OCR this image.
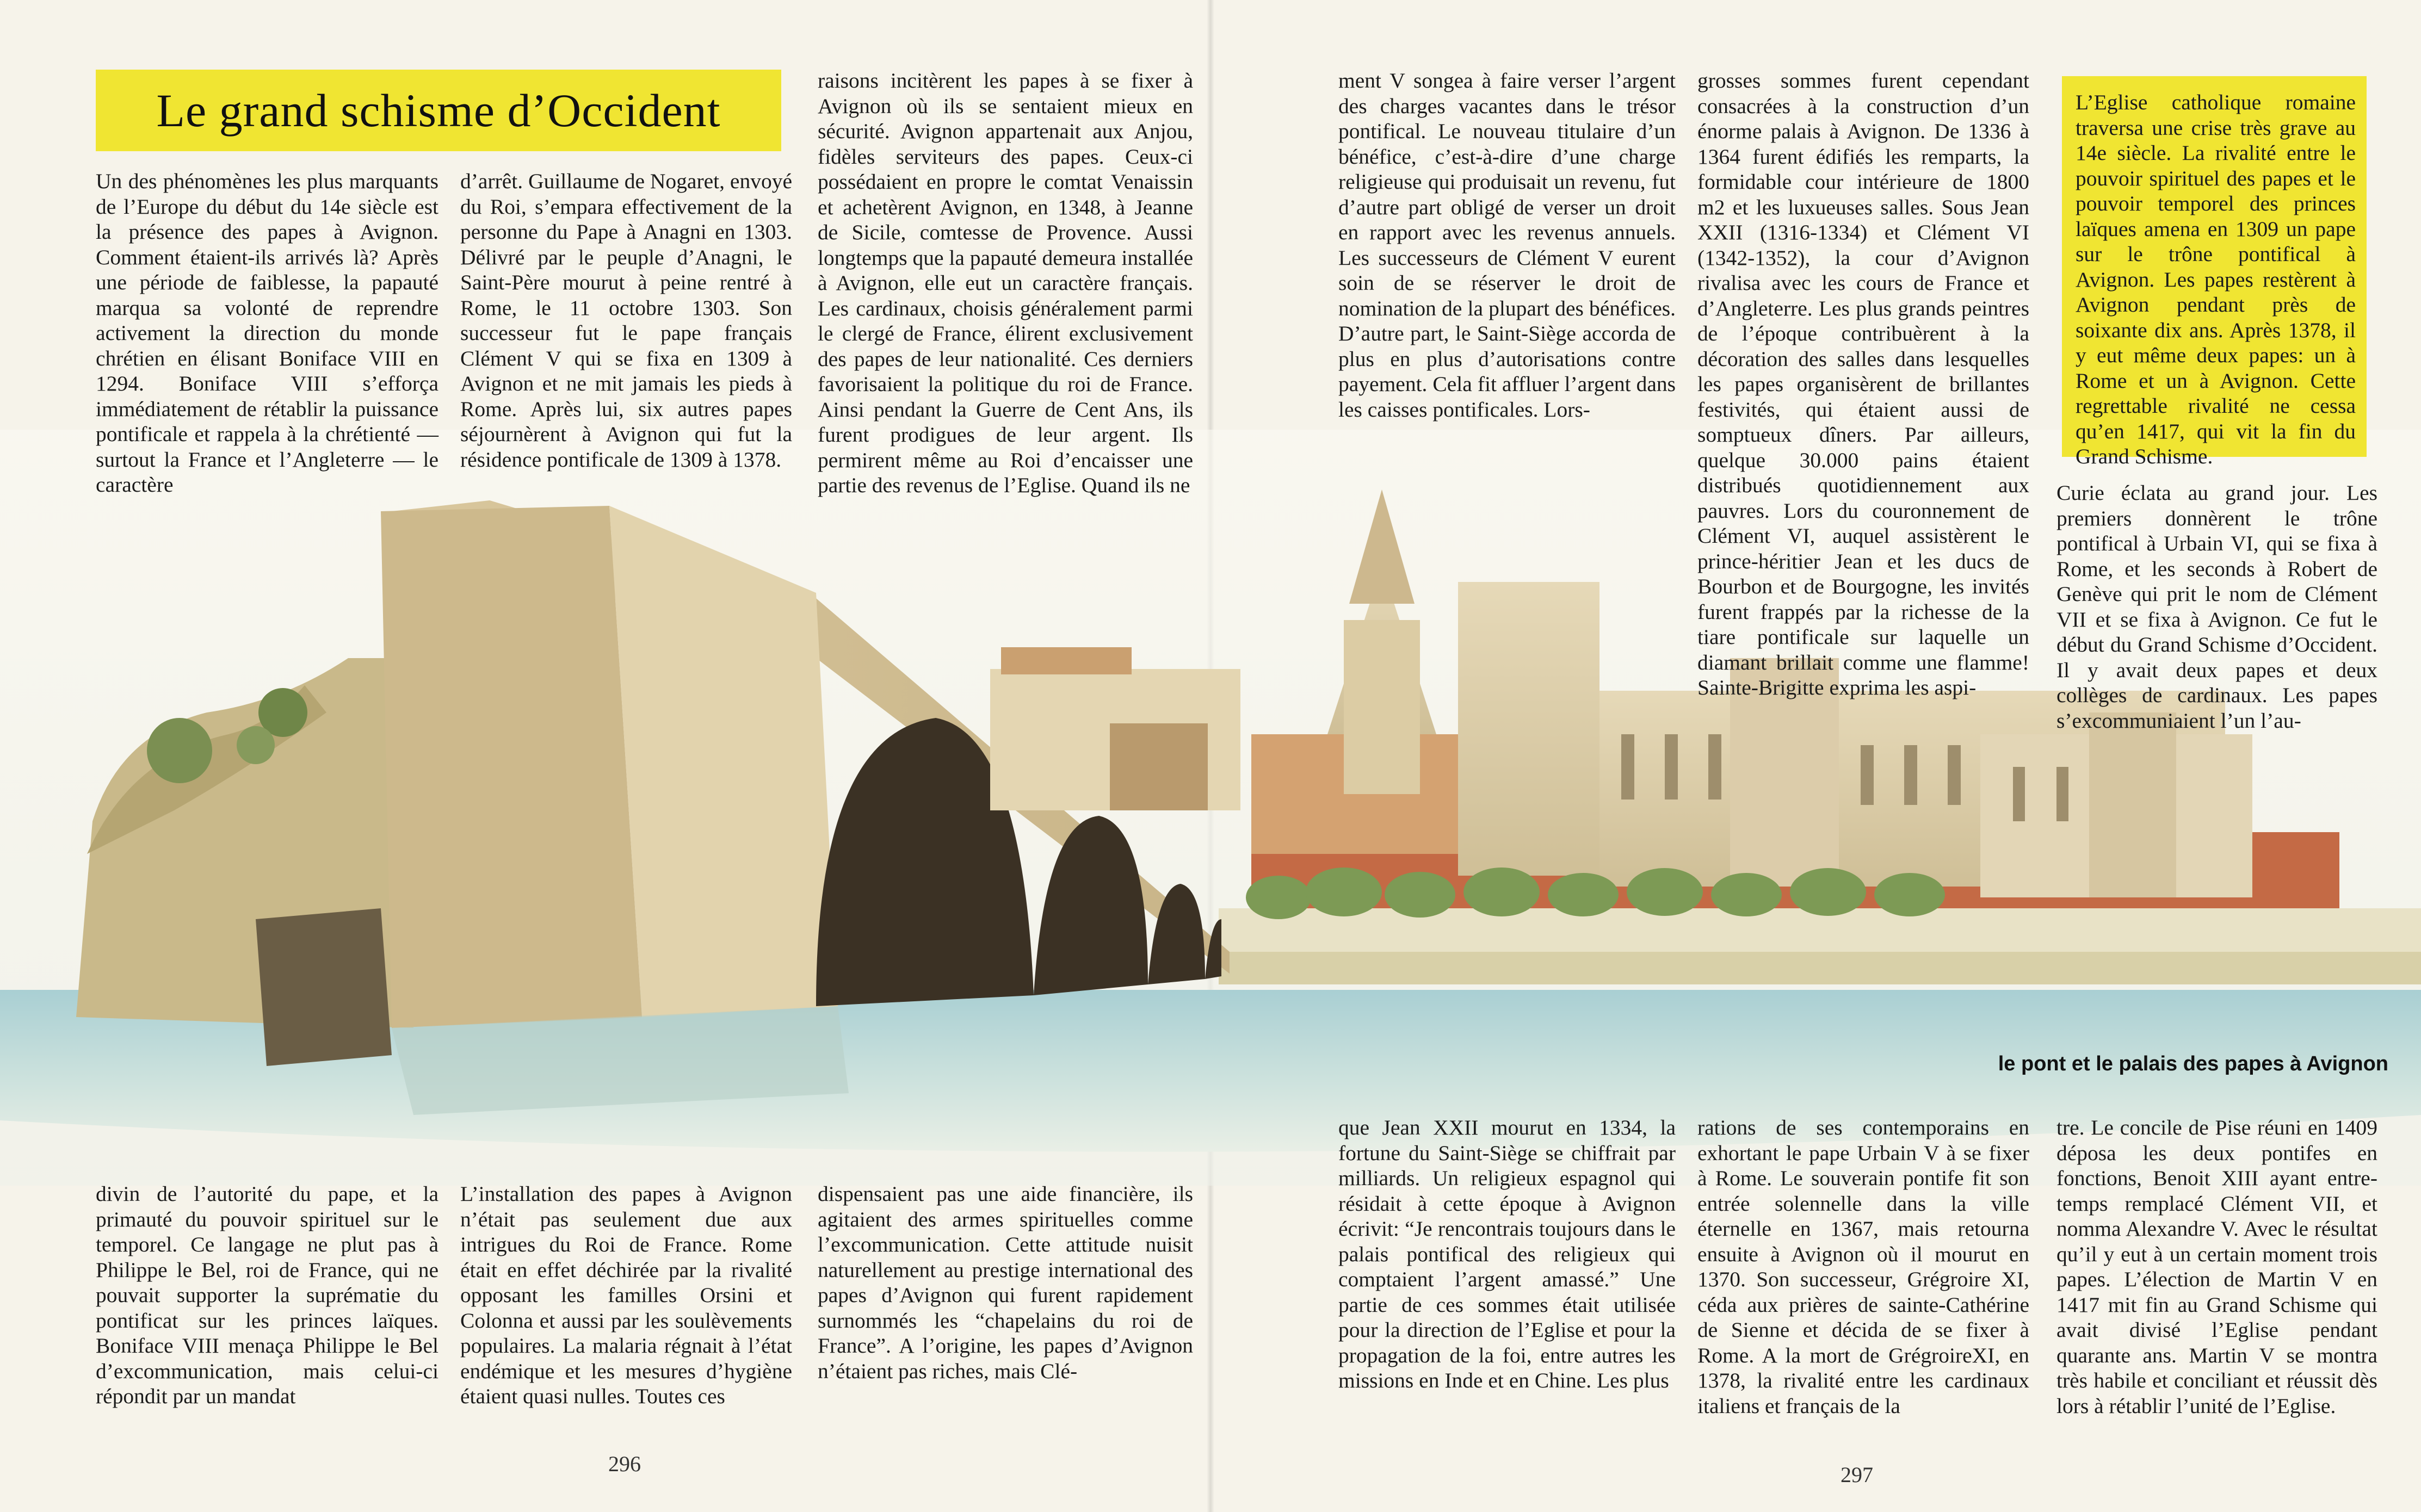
Le grand schisme d’Occident

Un des phénomènes les plus marquants de l’Europe du début du 14e siècle est la présence des papes à Avignon. Comment étaient-ils arrivés là? Après une période de faiblesse, la papauté marqua sa volonté de reprendre activement la direction du monde chrétien en élisant Boniface VIII en 1294. Boniface VIII s’efforça immédiatement de rétablir la puissance pontificale et rappela à la chrétienté — surtout la France et l’Angleterre — le caractère

d’arrêt. Guillaume de Nogaret, envoyé du Roi, s’empara effectivement de la personne du Pape à Anagni en 1303. Délivré par le peuple d’Anagni, le Saint-Père mourut à peine rentré à Rome, le 11 octobre 1303. Son successeur fut le pape français Clément V qui se fixa en 1309 à Avignon et ne mit jamais les pieds à Rome. Après lui, six autres papes séjournèrent à Avignon qui fut la résidence pontificale de 1309 à 1378.

raisons incitèrent les papes à se fixer à Avignon où ils se sentaient mieux en sécurité. Avignon appartenait aux Anjou, fidèles serviteurs des papes. Ceux-ci possédaient en propre le comtat Venaissin et achetèrent Avignon, en 1348, à Jeanne de Sicile, comtesse de Provence. Aussi longtemps que la papauté demeura installée à Avignon, elle eut un caractère français. Les cardinaux, choisis généralement parmi le clergé de France, élirent exclusivement des papes de leur nationalité. Ces derniers favorisaient la politique du roi de France. Ainsi pendant la Guerre de Cent Ans, ils furent prodigues de leur argent. Ils permirent même au Roi d’encaisser une partie des revenus de l’Eglise. Quand ils ne

divin de l’autorité du pape, et la primauté du pouvoir spirituel sur le temporel. Ce langage ne plut pas à Philippe le Bel, roi de France, qui ne pouvait supporter la suprématie du pontificat sur les princes laïques. Boniface VIII menaça Philippe le Bel d’excommunication, mais celui-ci répondit par un mandat

L’installation des papes à Avignon n’était pas seulement due aux intrigues du Roi de France. Rome était en effet déchirée par la rivalité opposant les familles Orsini et Colonna et aussi par les soulèvements populaires. La malaria régnait à l’état endémique et les mesures d’hygiène étaient quasi nulles. Toutes ces

dispensaient pas une aide financière, ils agitaient des armes spirituelles comme l’excommunication. Cette attitude nuisit naturellement au prestige international des papes d’Avignon qui furent rapidement surnommés les “chapelains du roi de France”. A l’origine, les papes d’Avignon n’étaient pas riches, mais Clé-

ment V songea à faire verser l’argent des charges vacantes dans le trésor pontifical. Le nouveau titulaire d’un bénéfice, c’est-à-dire d’une charge religieuse qui produisait un revenu, fut d’autre part obligé de verser un droit en rapport avec les revenus annuels. Les successeurs de Clément V eurent soin de se réserver le droit de nomination de la plupart des bénéfices. D’autre part, le Saint-Siège accorda de plus en plus d’autorisations contre payement. Cela fit affluer l’argent dans les caisses pontificales. Lors-

grosses sommes furent cependant consacrées à la construction d’un énorme palais à Avignon. De 1336 à 1364 furent édifiés les remparts, la formidable cour intérieure de 1800 m2 et les luxueuses salles. Sous Jean XXII (1316-1334) et Clément VI (1342-1352), la cour d’Avignon rivalisa avec les cours de France et d’Angleterre. Les plus grands peintres de l’époque contribuèrent à la décoration des salles dans lesquelles les papes organisèrent de brillantes festivités, qui étaient aussi de somptueux dîners. Par ailleurs, quelque 30.000 pains étaient distribués quotidiennement aux pauvres. Lors du couronnement de Clément VI, auquel assistèrent le prince-héritier Jean et les ducs de Bourbon et de Bourgogne, les invités furent frappés par la richesse de la tiare pontificale sur laquelle un diamant brillait comme une flamme! Sainte-Brigitte exprima les aspi-

L’Eglise catholique romaine traversa une crise très grave au 14e siècle. La rivalité entre le pouvoir spirituel des papes et le pouvoir temporel des princes laïques amena en 1309 un pape sur le trône pontifical à Avignon. Les papes restèrent à Avignon pendant près de soixante dix ans. Après 1378, il y eut même deux papes: un à Rome et un à Avignon. Cette regrettable rivalité ne cessa qu’en 1417, qui vit la fin du Grand Schisme.

Curie éclata au grand jour. Les premiers donnèrent le trône pontifical à Urbain VI, qui se fixa à Rome, et les seconds à Robert de Genève qui prit le nom de Clément VII et se fixa à Avignon. Ce fut le début du Grand Schisme d’Occident. Il y avait deux papes et deux collèges de cardinaux. Les papes s’excommuniaient l’un l’au-

que Jean XXII mourut en 1334, la fortune du Saint-Siège se chiffrait par milliards. Un religieux espagnol qui résidait à cette époque à Avignon écrivit: “Je rencontrais toujours dans le palais pontifical des religieux qui comptaient l’argent amassé.” Une partie de ces sommes était utilisée pour la direction de l’Eglise et pour la propagation de la foi, entre autres les missions en Inde et en Chine. Les plus

rations de ses contemporains en exhortant le pape Urbain V à se fixer à Rome. Le souverain pontife fit son entrée solennelle dans la ville éternelle en 1367, mais retourna ensuite à Avignon où il mourut en 1370. Son successeur, Grégroire XI, céda aux prières de sainte-Cathérine de Sienne et décida de se fixer à Rome. A la mort de GrégroireXI, en 1378, la rivalité entre les cardinaux italiens et français de la

tre. Le concile de Pise réuni en 1409 déposa les deux pontifes en fonctions, Benoit XIII ayant entre-temps remplacé Clément VII, et nomma Alexandre V. Avec le résultat qu’il y eut à un certain moment trois papes. L’élection de Martin V en 1417 mit fin au Grand Schisme qui avait divisé l’Eglise pendant quarante ans. Martin V se montra très habile et conciliant et réussit dès lors à rétablir l’unité de l’Eglise.

le pont et le palais des papes à Avignon
296	297
